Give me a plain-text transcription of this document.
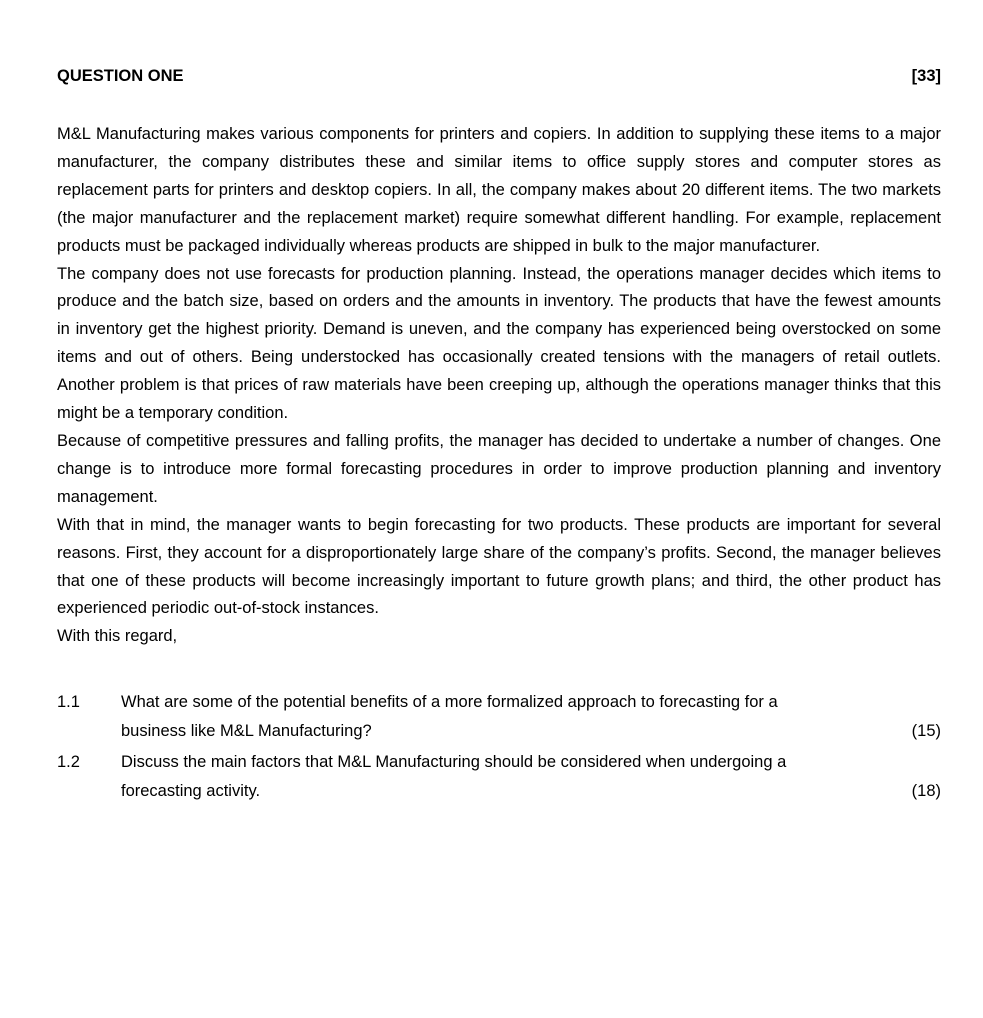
QUESTION ONE	[33]

M&L Manufacturing makes various components for printers and copiers. In addition to supplying these items to a major manufacturer, the company distributes these and similar items to office supply stores and computer stores as replacement parts for printers and desktop copiers. In all, the company makes about 20 different items. The two markets (the major manufacturer and the replacement market) require somewhat different handling. For example, replacement products must be packaged individually whereas products are shipped in bulk to the major manufacturer.

The company does not use forecasts for production planning. Instead, the operations manager decides which items to produce and the batch size, based on orders and the amounts in inventory. The products that have the fewest amounts in inventory get the highest priority. Demand is uneven, and the company has experienced being overstocked on some items and out of others. Being understocked has occasionally created tensions with the managers of retail outlets. Another problem is that prices of raw materials have been creeping up, although the operations manager thinks that this might be a temporary condition.

Because of competitive pressures and falling profits, the manager has decided to undertake a number of changes. One change is to introduce more formal forecasting procedures in order to improve production planning and inventory management.

With that in mind, the manager wants to begin forecasting for two products. These products are important for several reasons. First, they account for a disproportionately large share of the company’s profits. Second, the manager believes that one of these products will become increasingly important to future growth plans; and third, the other product has experienced periodic out-of-stock instances.

With this regard,

1.1	What are some of the potential benefits of a more formalized approach to forecasting for a
business like M&L Manufacturing?	(15)
1.2	Discuss the main factors that M&L Manufacturing should be considered when undergoing a
forecasting activity.	(18)
